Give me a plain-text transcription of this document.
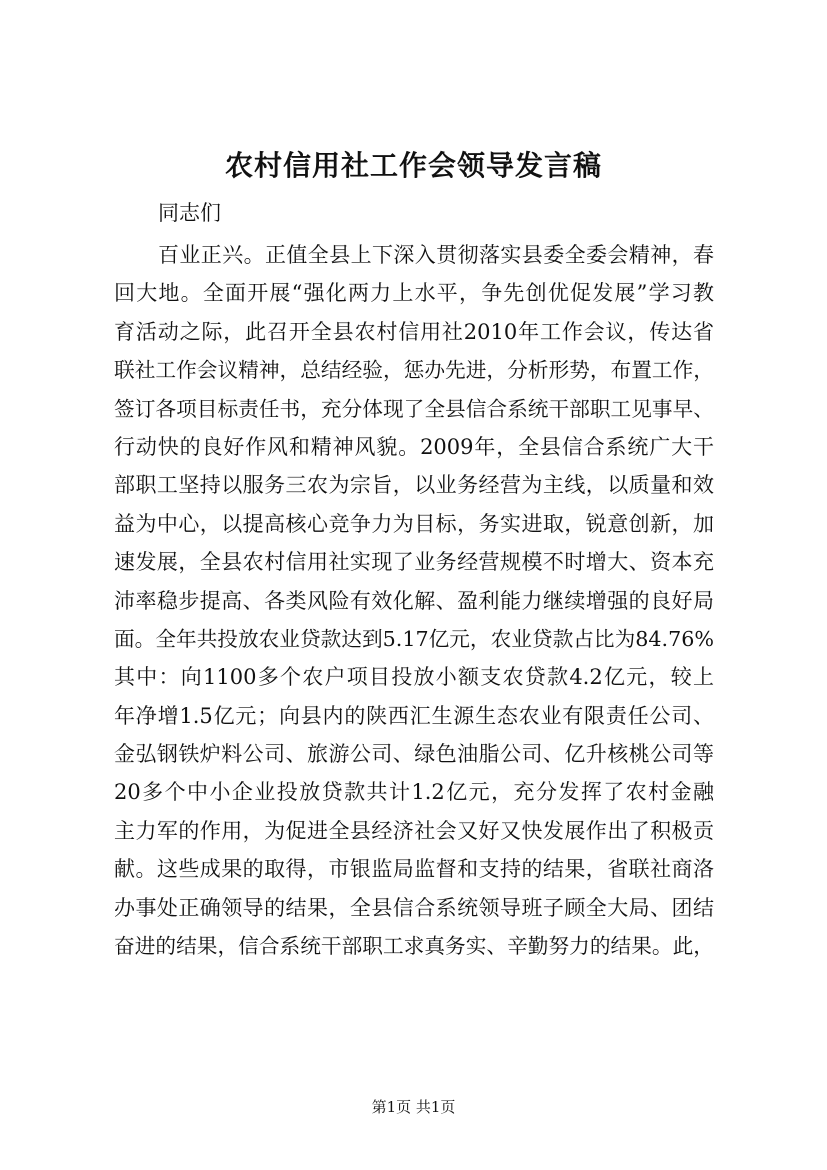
农村信用社工作会领导发言稿

同志们

百业正兴。正值全县上下深入贯彻落实县委全委会精神，春
回大地。全面开展“强化两力上水平，争先创优促发展”学习教
育活动之际，此召开全县农村信用社2010年工作会议，传达省
联社工作会议精神，总结经验，惩办先进，分析形势，布置工作，
签订各项目标责任书，充分体现了全县信合系统干部职工见事早、
行动快的良好作风和精神风貌。2009年，全县信合系统广大干
部职工坚持以服务三农为宗旨，以业务经营为主线，以质量和效
益为中心，以提高核心竞争力为目标，务实进取，锐意创新，加
速发展，全县农村信用社实现了业务经营规模不时增大、资本充
沛率稳步提高、各类风险有效化解、盈利能力继续增强的良好局
面。全年共投放农业贷款达到5.17亿元，农业贷款占比为84.76%
其中：向1100多个农户项目投放小额支农贷款4.2亿元，较上
年净增1.5亿元；向县内的陕西汇生源生态农业有限责任公司、
金弘钢铁炉料公司、旅游公司、绿色油脂公司、亿升核桃公司等
20多个中小企业投放贷款共计1.2亿元，充分发挥了农村金融
主力军的作用，为促进全县经济社会又好又快发展作出了积极贡
献。这些成果的取得，市银监局监督和支持的结果，省联社商洛
办事处正确领导的结果，全县信合系统领导班子顾全大局、团结
奋进的结果，信合系统干部职工求真务实、辛勤努力的结果。此，
第1页 共1页
